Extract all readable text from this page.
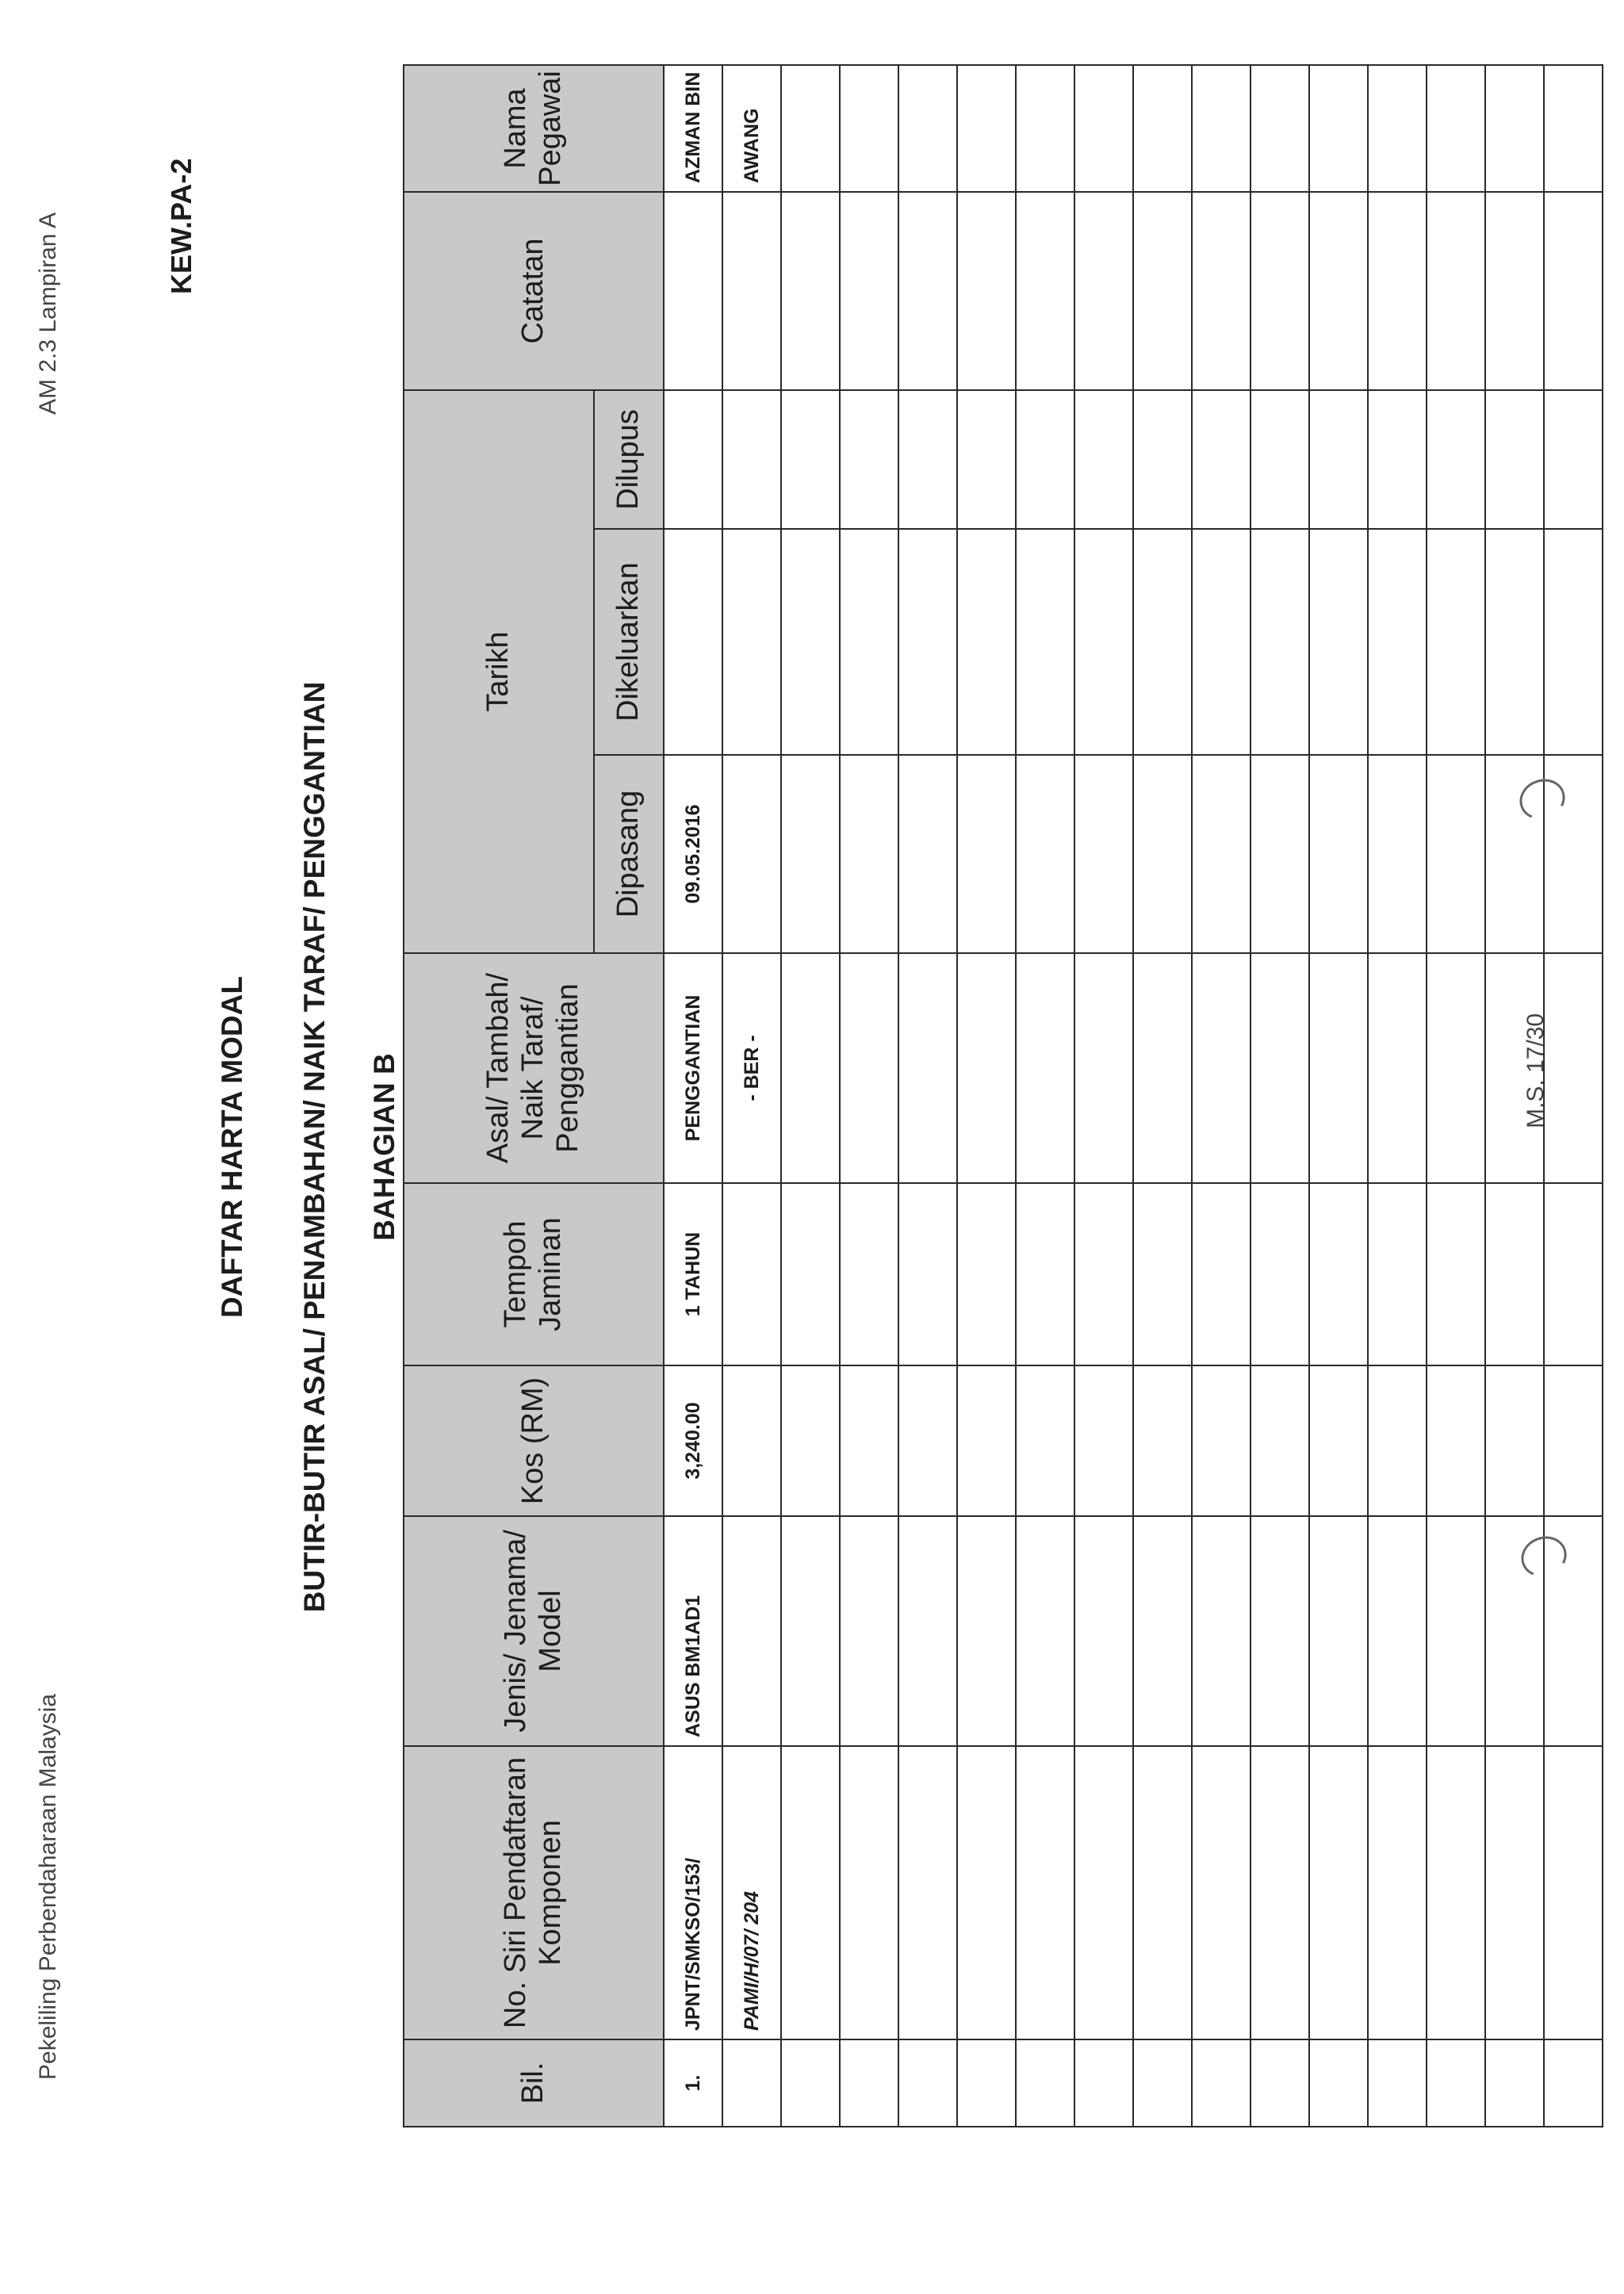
Pekeliling Perbendaharaan Malaysia
AM 2.3 Lampiran A	KEW.PA-2
DAFTAR HARTA MODAL BUTIR-BUTIR ASAL/ PENAMBAHAN/ NAIK TARAF/ PENGGANTIAN BAHAGIAN B
Bil.	No. Siri Pendaftaran Komponen	Jenis/ Jenama/ Model	Kos (RM)	Tempoh Jaminan	Asal/ Tambah/ Naik Taraf/ Penggantian	Tarikh			Catatan	Nama Pegawai
						Dipasang	Dikeluarkan	Dilupus		
1.	JPNT/SMKSO/153/	ASUS BM1AD1	3,240.00	1 TAHUN	PENGGANTIAN	09.05.2016				AZMAN BIN
	PAMI/H/07/ 204				- BER -					AWANG

M.S. 17/30
